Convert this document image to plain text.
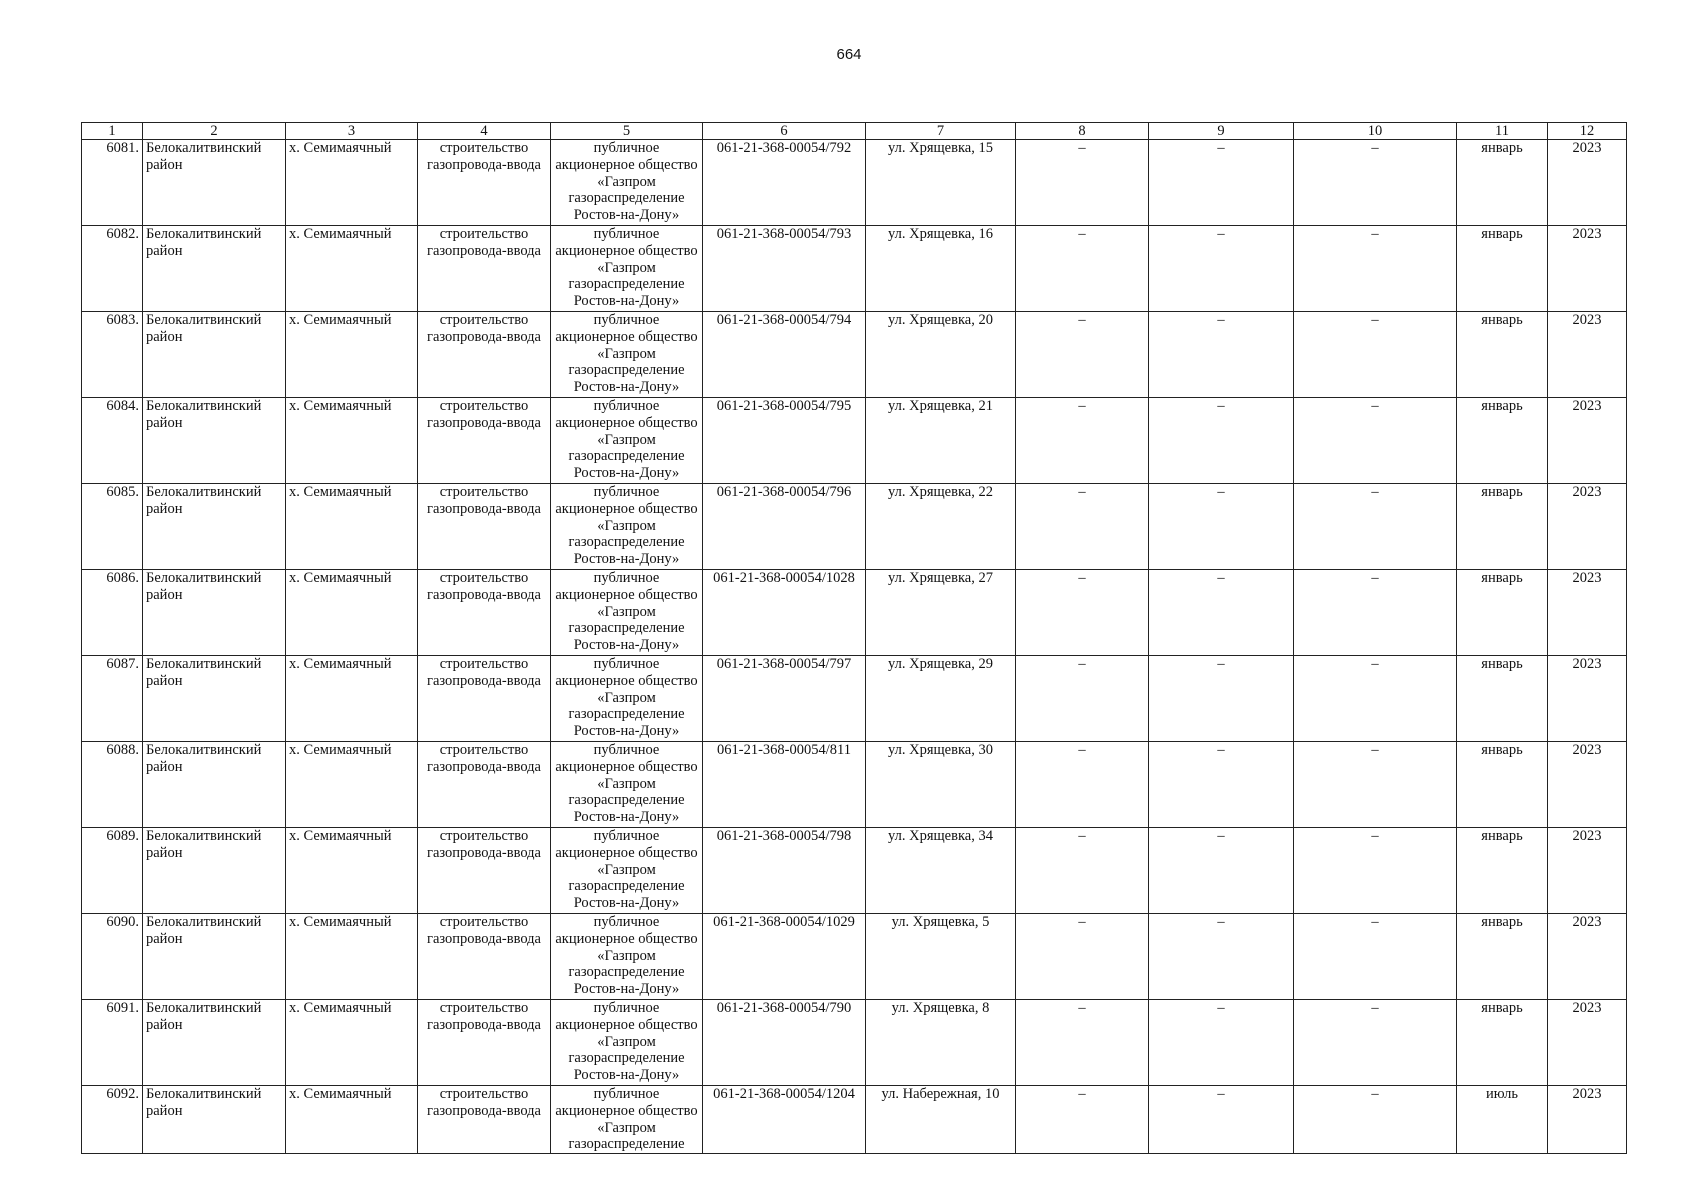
664
1	2	3	4	5	6	7	8	9	10	11	12

6081.	Белокалитвинский район	х. Семимаячный	строительство газопровода-ввода	публичное акционерное общество «Газпром газораспределение Ростов-на-Дону»	061-21-368-00054/792	ул. Хрящевка, 15	–	–	–	январь	2023

6082.	Белокалитвинский район	х. Семимаячный	строительство газопровода-ввода	публичное акционерное общество «Газпром газораспределение Ростов-на-Дону»	061-21-368-00054/793	ул. Хрящевка, 16	–	–	–	январь	2023

6083.	Белокалитвинский район	х. Семимаячный	строительство газопровода-ввода	публичное акционерное общество «Газпром газораспределение Ростов-на-Дону»	061-21-368-00054/794	ул. Хрящевка, 20	–	–	–	январь	2023

6084.	Белокалитвинский район	х. Семимаячный	строительство газопровода-ввода	публичное акционерное общество «Газпром газораспределение Ростов-на-Дону»	061-21-368-00054/795	ул. Хрящевка, 21	–	–	–	январь	2023

6085.	Белокалитвинский район	х. Семимаячный	строительство газопровода-ввода	публичное акционерное общество «Газпром газораспределение Ростов-на-Дону»	061-21-368-00054/796	ул. Хрящевка, 22	–	–	–	январь	2023

6086.	Белокалитвинский район	х. Семимаячный	строительство газопровода-ввода	публичное акционерное общество «Газпром газораспределение Ростов-на-Дону»	061-21-368-00054/1028	ул. Хрящевка, 27	–	–	–	январь	2023

6087.	Белокалитвинский район	х. Семимаячный	строительство газопровода-ввода	публичное акционерное общество «Газпром газораспределение Ростов-на-Дону»	061-21-368-00054/797	ул. Хрящевка, 29	–	–	–	январь	2023

6088.	Белокалитвинский район	х. Семимаячный	строительство газопровода-ввода	публичное акционерное общество «Газпром газораспределение Ростов-на-Дону»	061-21-368-00054/811	ул. Хрящевка, 30	–	–	–	январь	2023

6089.	Белокалитвинский район	х. Семимаячный	строительство газопровода-ввода	публичное акционерное общество «Газпром газораспределение Ростов-на-Дону»	061-21-368-00054/798	ул. Хрящевка, 34	–	–	–	январь	2023

6090.	Белокалитвинский район	х. Семимаячный	строительство газопровода-ввода	публичное акционерное общество «Газпром газораспределение Ростов-на-Дону»	061-21-368-00054/1029	ул. Хрящевка, 5	–	–	–	январь	2023

6091.	Белокалитвинский район	х. Семимаячный	строительство газопровода-ввода	публичное акционерное общество «Газпром газораспределение Ростов-на-Дону»	061-21-368-00054/790	ул. Хрящевка, 8	–	–	–	январь	2023

6092.	Белокалитвинский район	х. Семимаячный	строительство газопровода-ввода	публичное акционерное общество «Газпром газораспределение	061-21-368-00054/1204	ул. Набережная, 10	–	–	–	июль	2023
